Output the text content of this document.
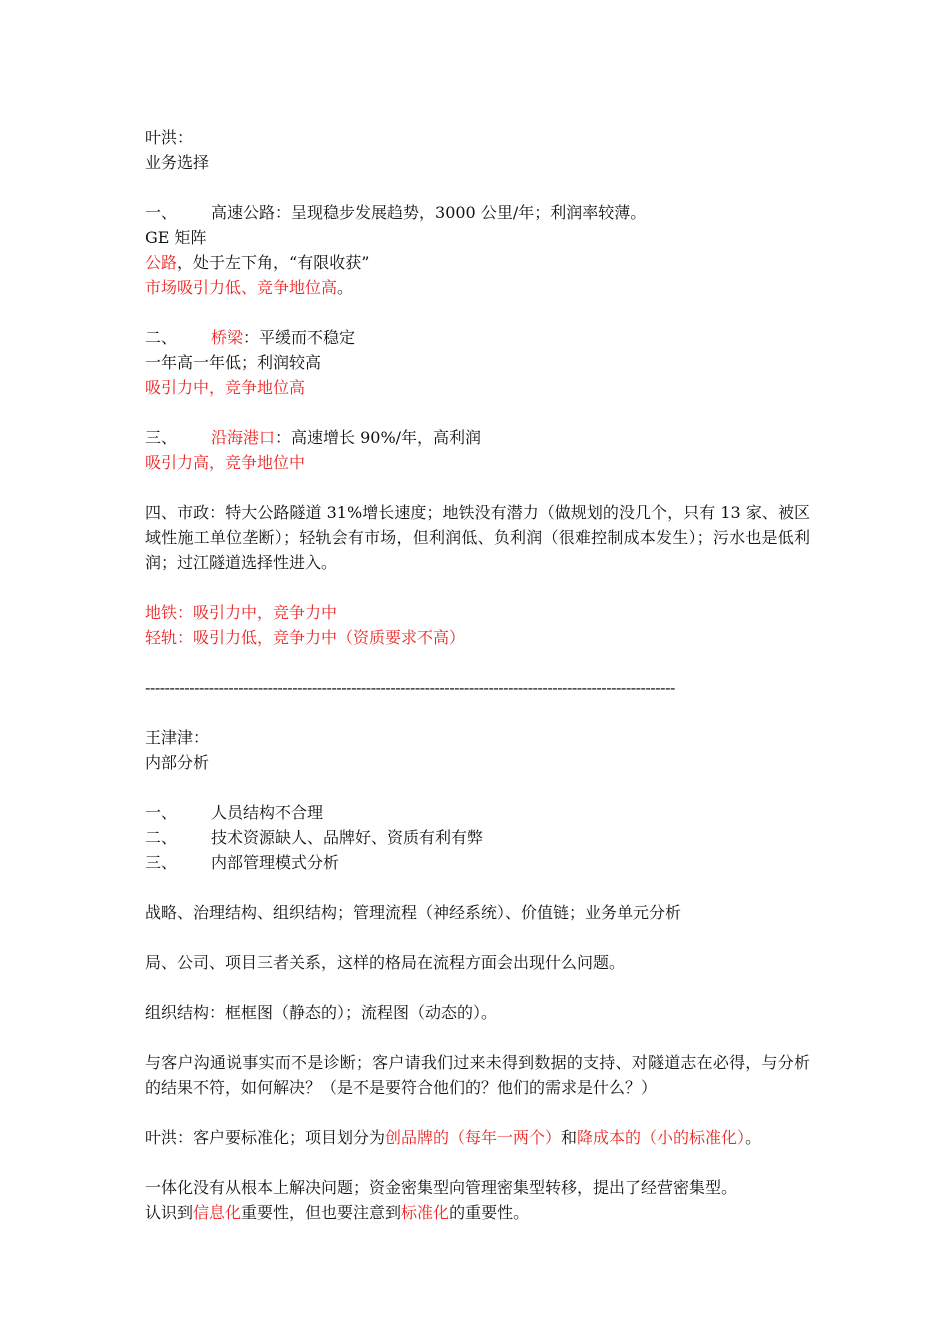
叶洪：
业务选择
一、 高速公路：呈现稳步发展趋势，3000 公里/年；利润率较薄。
GE 矩阵
公路，处于左下角，“有限收获”
市场吸引力低、竞争地位高。
二、 桥梁：平缓而不稳定
一年高一年低；利润较高
吸引力中，竞争地位高
三、 沿海港口：高速增长 90%/年，高利润
吸引力高，竞争地位中
四、市政：特大公路隧道 31%增长速度；地铁没有潜力（做规划的没几个，只有 13 家、被区域性施工单位垄断）；轻轨会有市场，但利润低、负利润（很难控制成本发生）；污水也是低利润；过江隧道选择性进入。
地铁：吸引力中，竞争力中
轻轨：吸引力低，竞争力中（资质要求不高）
------------------------------------------------------------------------------------------------------------
王津津：
内部分析
一、 人员结构不合理
二、 技术资源缺人、品牌好、资质有利有弊
三、 内部管理模式分析
战略、治理结构、组织结构；管理流程（神经系统）、价值链；业务单元分析
局、公司、项目三者关系，这样的格局在流程方面会出现什么问题。
组织结构：框框图（静态的）；流程图（动态的）。
与客户沟通说事实而不是诊断；客户请我们过来未得到数据的支持、对隧道志在必得，与分析的结果不符，如何解决？（是不是要符合他们的？他们的需求是什么？）
叶洪：客户要标准化；项目划分为创品牌的（每年一两个）和降成本的（小的标准化）。
一体化没有从根本上解决问题；资金密集型向管理密集型转移，提出了经营密集型。
认识到信息化重要性，但也要注意到标准化的重要性。
